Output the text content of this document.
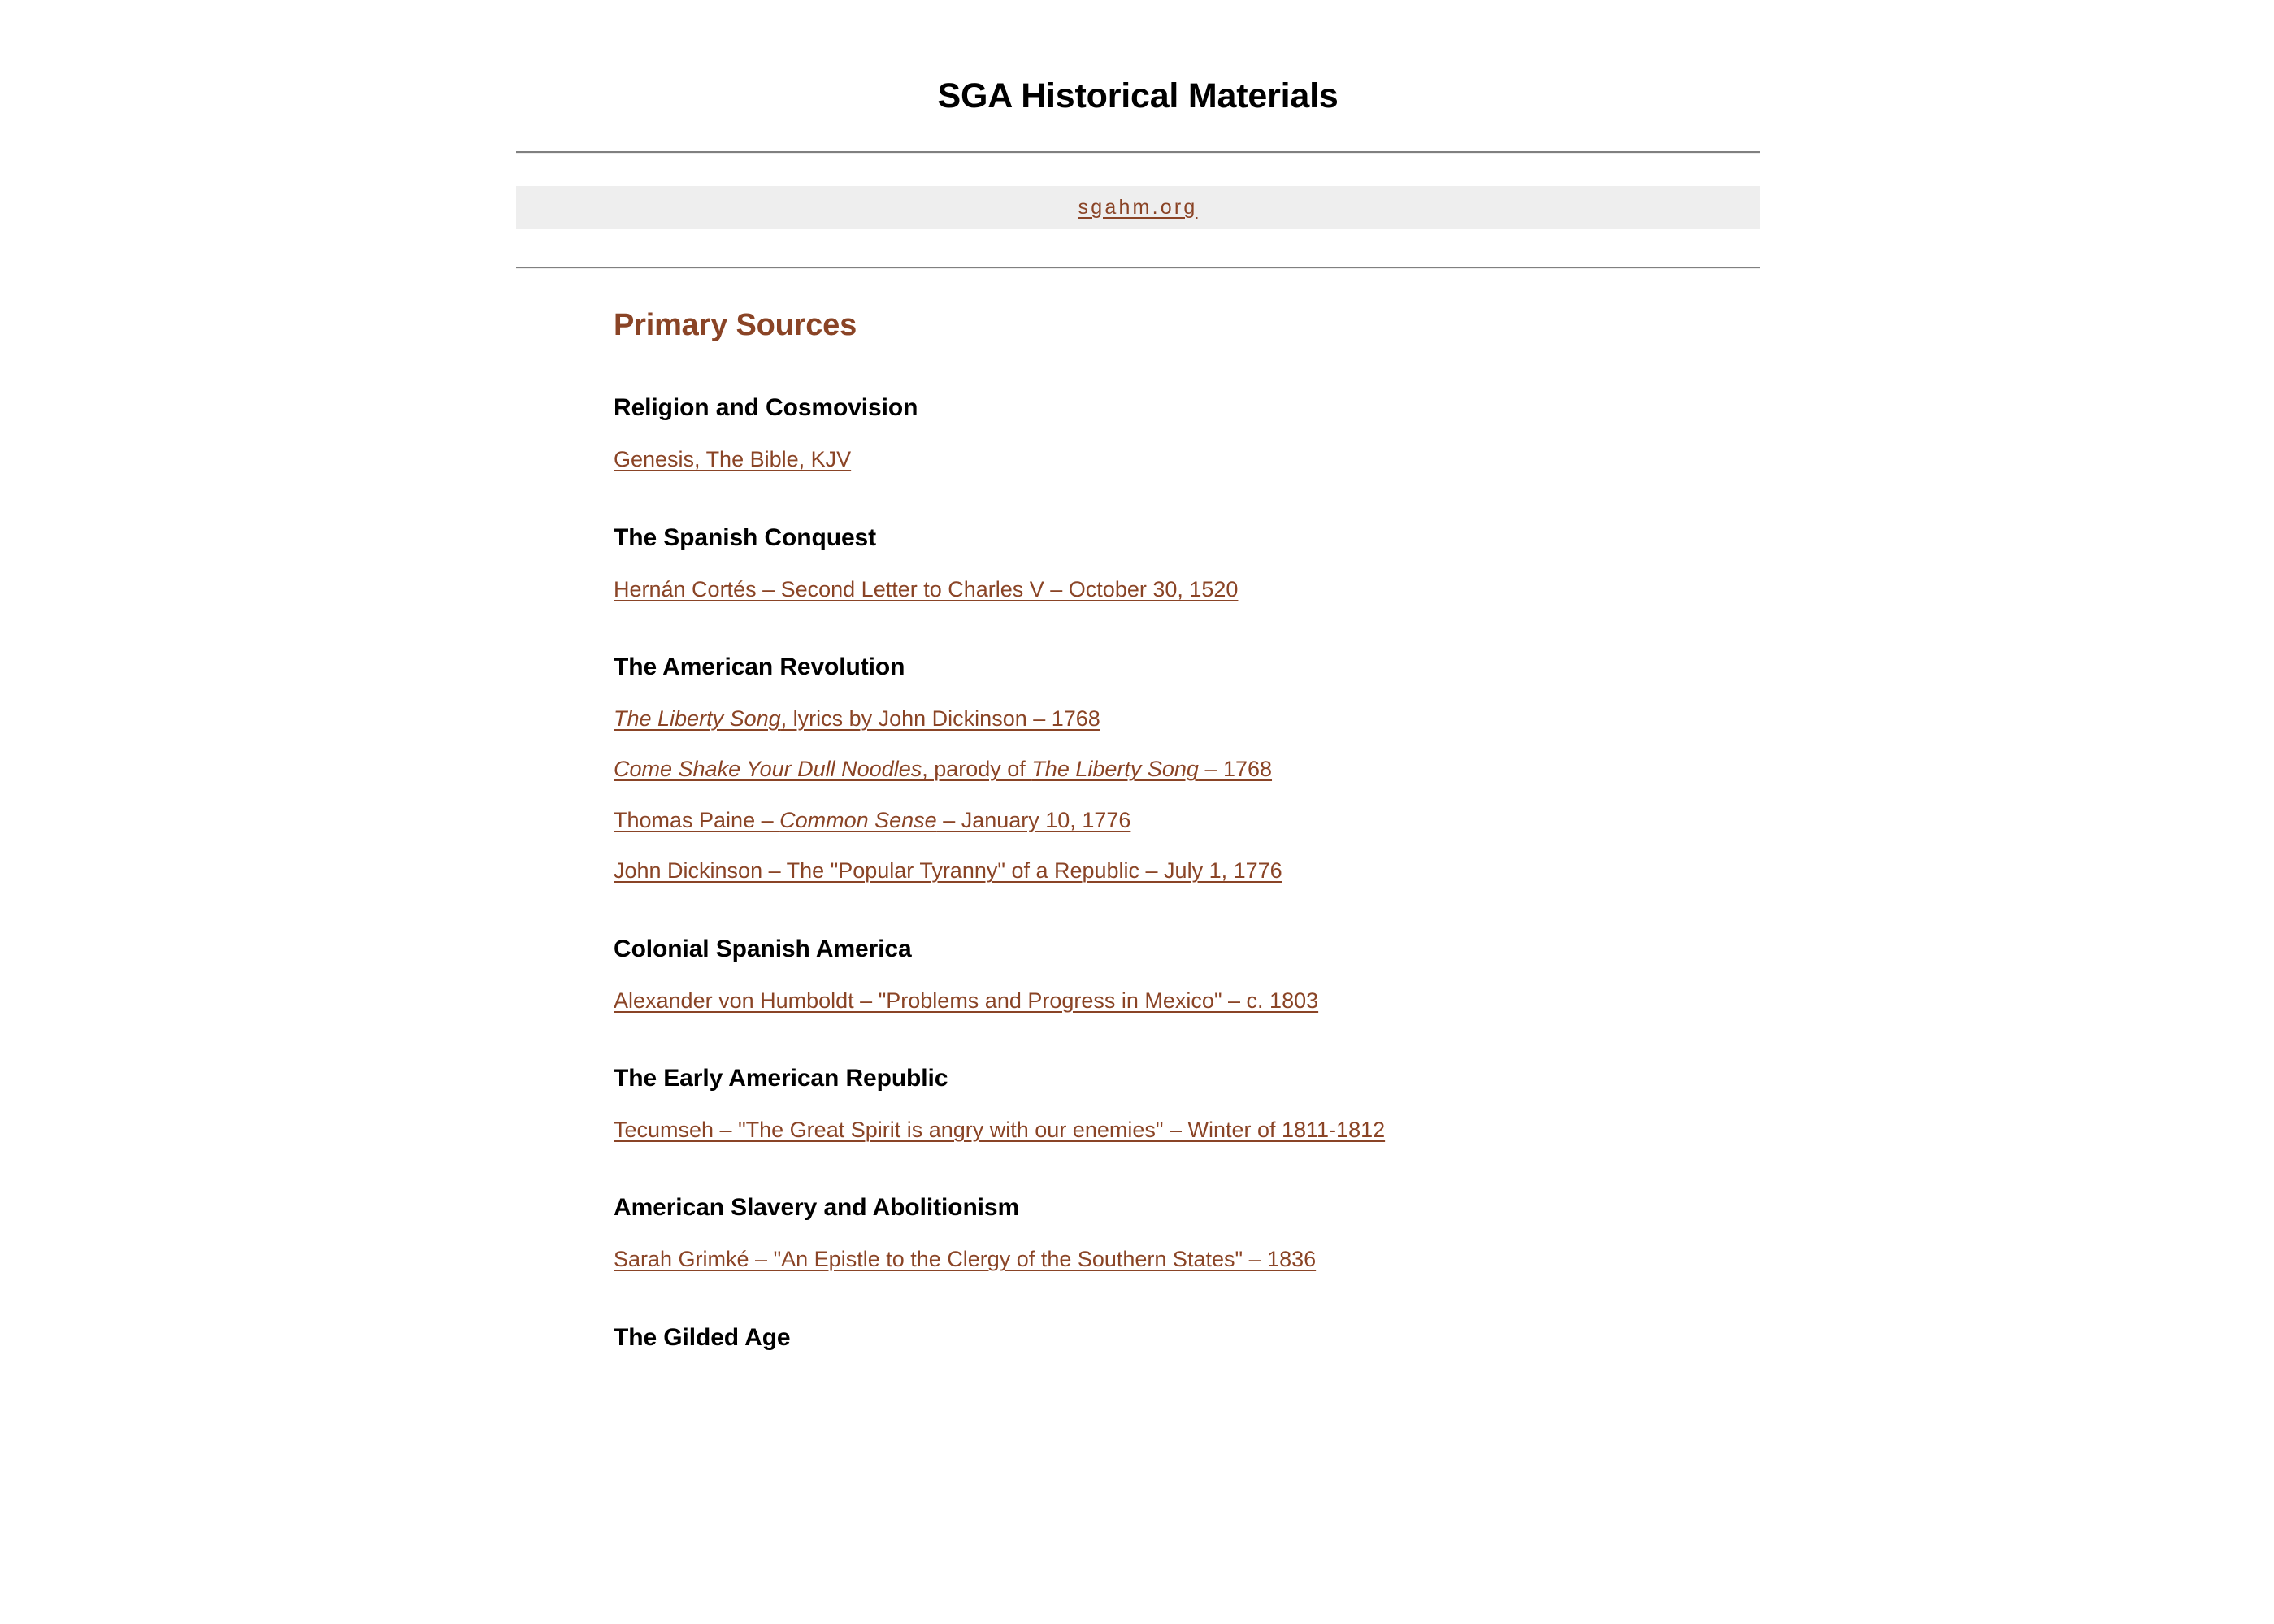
SGA Historical Materials
sgahm.org
Primary Sources
Religion and Cosmovision

Genesis, The Bible, KJV

The Spanish Conquest

Hernán Cortés – Second Letter to Charles V – October 30, 1520

The American Revolution

The Liberty Song, lyrics by John Dickinson – 1768

Come Shake Your Dull Noodles, parody of The Liberty Song – 1768

Thomas Paine – Common Sense – January 10, 1776

John Dickinson – The "Popular Tyranny" of a Republic – July 1, 1776

Colonial Spanish America

Alexander von Humboldt – "Problems and Progress in Mexico" – c. 1803

The Early American Republic

Tecumseh – "The Great Spirit is angry with our enemies" – Winter of 1811-1812

American Slavery and Abolitionism

Sarah Grimké – "An Epistle to the Clergy of the Southern States" – 1836

The Gilded Age
